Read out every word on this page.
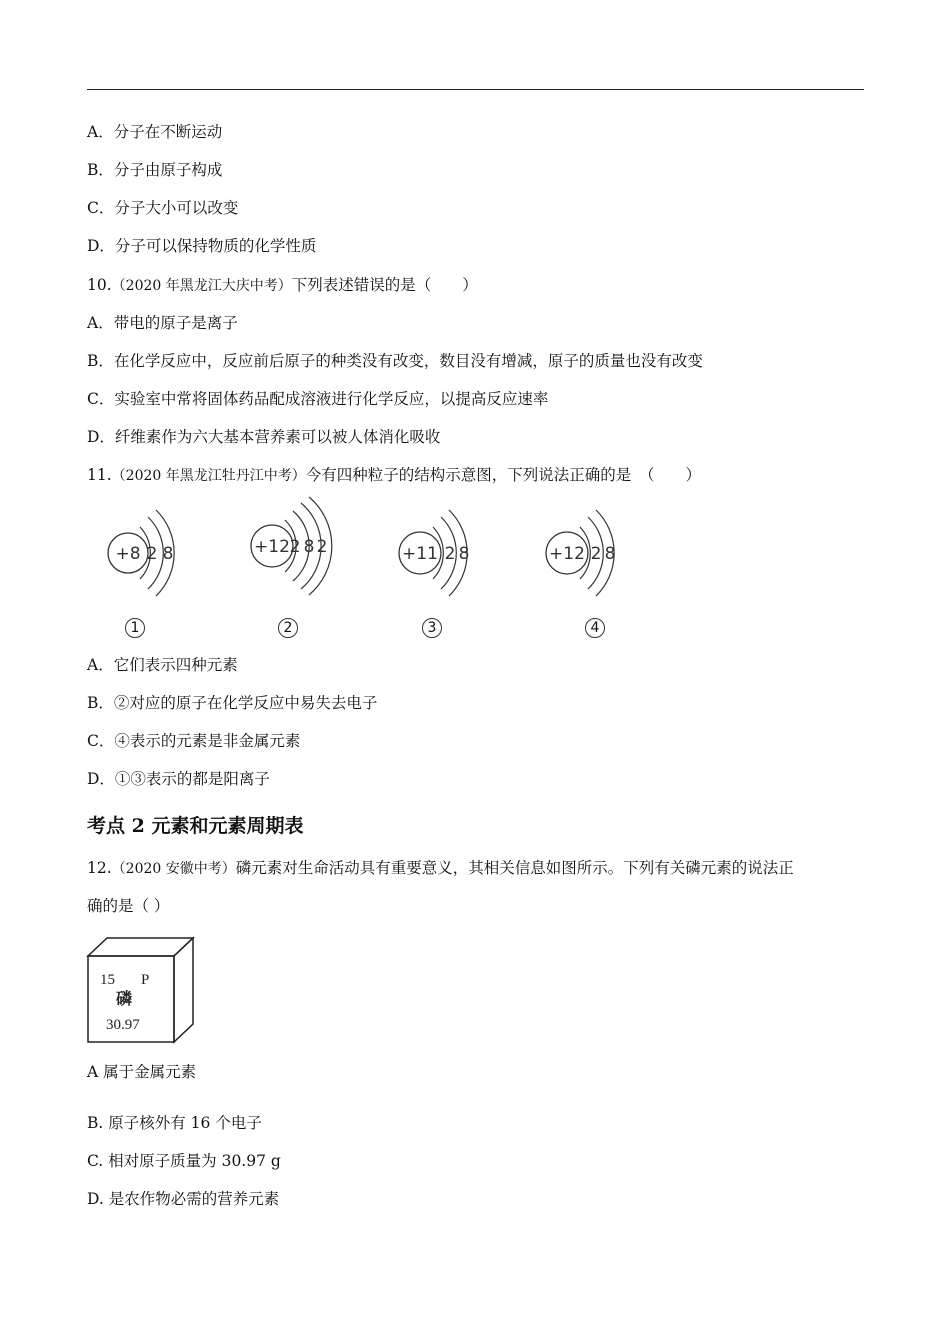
A．分子在不断运动
B．分子由原子构成
C．分子大小可以改变
D．分子可以保持物质的化学性质
10.（2020 年黑龙江大庆中考）下列表述错误的是（　　）
A．带电的原子是离子
B．在化学反应中，反应前后原子的种类没有改变，数目没有增减，原子的质量也没有改变
C．实验室中常将固体药品配成溶液进行化学反应，以提高反应速率
D．纤维素作为六大基本营养素可以被人体消化吸收
11.（2020 年黑龙江牡丹江中考）今有四种粒子的结构示意图，下列说法正确的是　（　　）
+8 2 8	+12 2 8 2	+11 2 8	+12 2 8
1	2	3	4
A．它们表示四种元素
B．②对应的原子在化学反应中易失去电子
C．④表示的元素是非金属元素
D．①③表示的都是阳离子
考点 2 元素和元素周期表
12.（2020 安徽中考）磷元素对生命活动具有重要意义，其相关信息如图所示。下列有关磷元素的说法正
确的是（ ）
15 P
磷
30.97
A 属于金属元素
B. 原子核外有 16 个电子
C. 相对原子质量为 30.97 g
D. 是农作物必需的营养元素
